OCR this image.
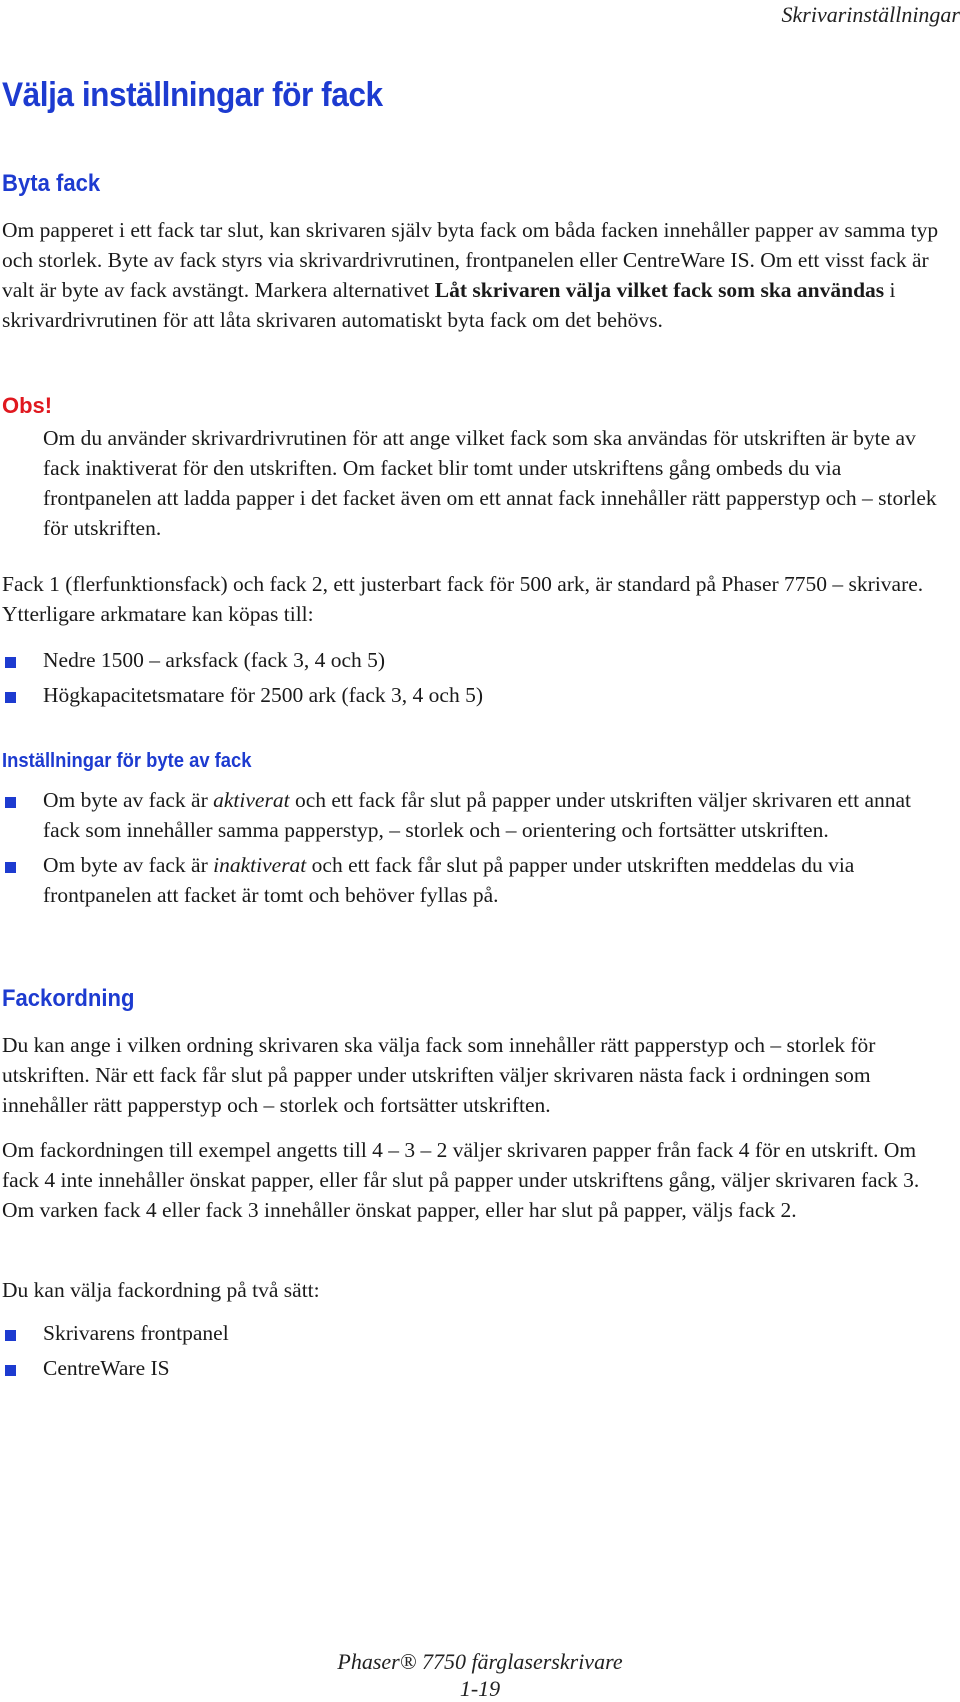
Skrivarinställningar
Välja inställningar för fack
Byta fack

Om papperet i ett fack tar slut, kan skrivaren själv byta fack om båda facken innehåller papper av samma typ och storlek. Byte av fack styrs via skrivardrivrutinen, frontpanelen eller CentreWare IS. Om ett visst fack är valt är byte av fack avstängt. Markera alternativet Låt skrivaren välja vilket fack som ska användas i skrivardrivrutinen för att låta skrivaren automatiskt byta fack om det behövs.

Obs!

Om du använder skrivardrivrutinen för att ange vilket fack som ska användas för utskriften är byte av fack inaktiverat för den utskriften. Om facket blir tomt under utskriftens gång ombeds du via frontpanelen att ladda papper i det facket även om ett annat fack innehåller rätt papperstyp och – storlek för utskriften.

Fack 1 (flerfunktionsfack) och fack 2, ett justerbart fack för 500 ark, är standard på Phaser 7750 – skrivare. Ytterligare arkmatare kan köpas till:

Nedre 1500 – arksfack (fack 3, 4 och 5)
Högkapacitetsmatare för 2500 ark (fack 3, 4 och 5)
Inställningar för byte av fack
Om byte av fack är aktiverat och ett fack får slut på papper under utskriften väljer skrivaren ett annat fack som innehåller samma papperstyp, – storlek och – orientering och fortsätter utskriften.
Om byte av fack är inaktiverat och ett fack får slut på papper under utskriften meddelas du via frontpanelen att facket är tomt och behöver fyllas på.
Fackordning

Du kan ange i vilken ordning skrivaren ska välja fack som innehåller rätt papperstyp och – storlek för utskriften. När ett fack får slut på papper under utskriften väljer skrivaren nästa fack i ordningen som innehåller rätt papperstyp och – storlek och fortsätter utskriften.

Om fackordningen till exempel angetts till 4 – 3 – 2 väljer skrivaren papper från fack 4 för en utskrift. Om fack 4 inte innehåller önskat papper, eller får slut på papper under utskriftens gång, väljer skrivaren fack 3. Om varken fack 4 eller fack 3 innehåller önskat papper, eller har slut på papper, väljs fack 2.

Du kan välja fackordning på två sätt:

Skrivarens frontpanel
CentreWare IS
Phaser® 7750 färglaserskrivare
1-19
